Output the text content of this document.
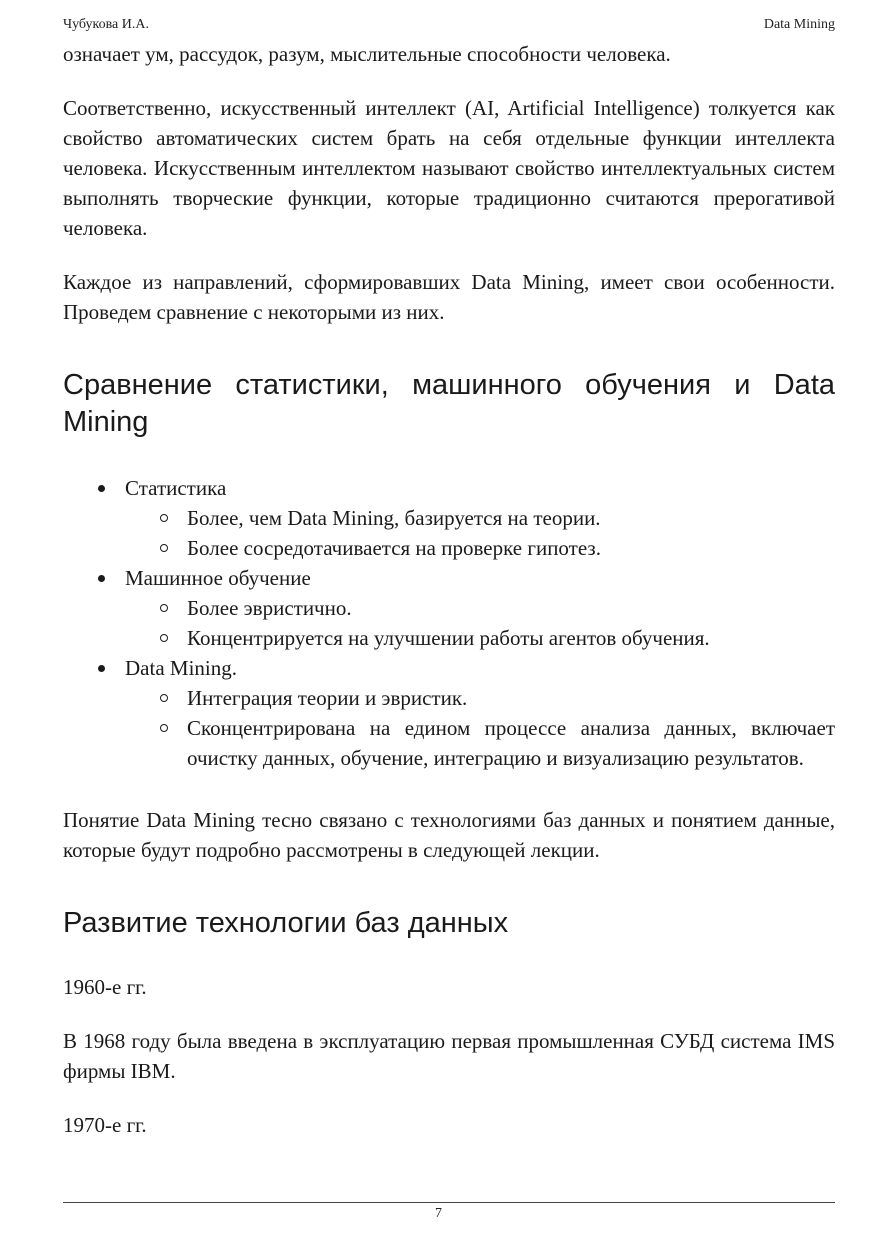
Чубукова И.А.	Data Mining

означает ум, рассудок, разум, мыслительные способности человека.

Соответственно, искусственный интеллект (AI, Artificial Intelligence) толкуется как свойство автоматических систем брать на себя отдельные функции интеллекта человека. Искусственным интеллектом называют свойство интеллектуальных систем выполнять творческие функции, которые традиционно считаются прерогативой человека.

Каждое из направлений, сформировавших Data Mining, имеет свои особенности. Проведем сравнение с некоторыми из них.

Сравнение статистики, машинного обучения и Data Mining
Статистика
Более, чем Data Mining, базируется на теории.
Более сосредотачивается на проверке гипотез.
Машинное обучение
Более эвристично.
Концентрируется на улучшении работы агентов обучения.
Data Mining.
Интеграция теории и эвристик.
Сконцентрирована на едином процессе анализа данных, включает очистку данных, обучение, интеграцию и визуализацию результатов.

Понятие Data Mining тесно связано с технологиями баз данных и понятием данные, которые будут подробно рассмотрены в следующей лекции.

Развитие технологии баз данных

1960-е гг.

В 1968 году была введена в эксплуатацию первая промышленная СУБД система IMS фирмы IBM.

1970-е гг.

7
